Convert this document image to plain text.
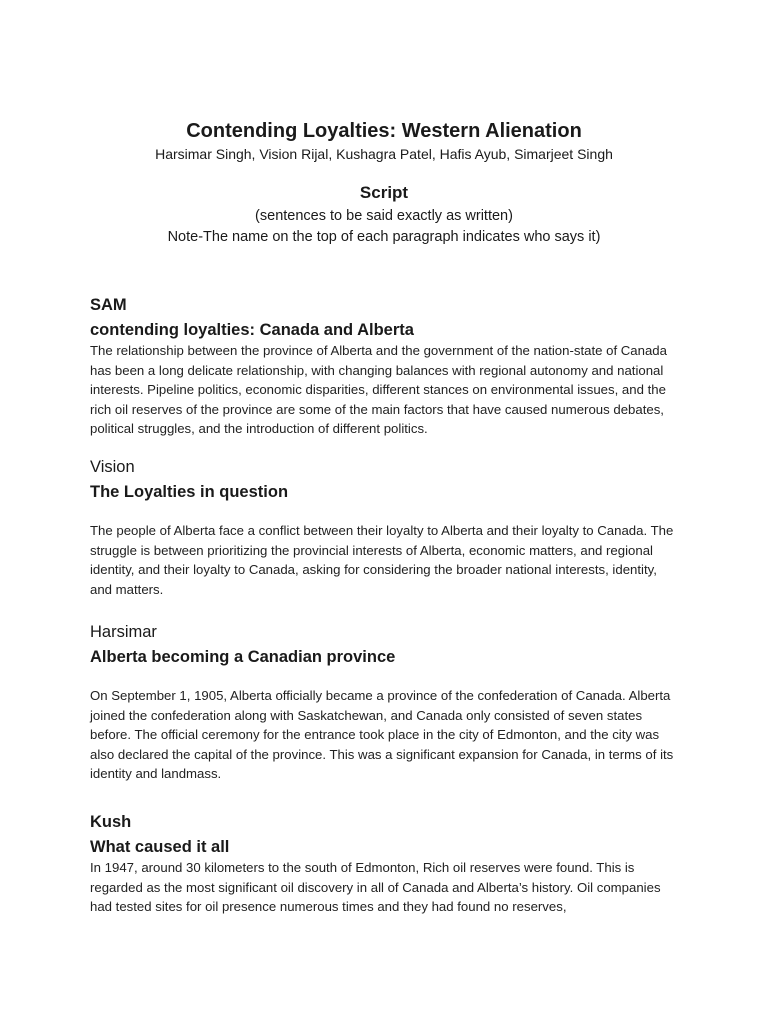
Contending Loyalties: Western Alienation
Harsimar Singh, Vision Rijal, Kushagra Patel, Hafis Ayub, Simarjeet Singh
Script
(sentences to be said exactly as written)
Note-The name on the top of each paragraph indicates who says it)

SAM

contending loyalties: Canada and Alberta

The relationship between the province of Alberta and the government of the nation-state of Canada has been a long delicate relationship, with changing balances with regional autonomy and national interests. Pipeline politics, economic disparities, different stances on environmental issues, and the rich oil reserves of the province are some of the main factors that have caused numerous debates, political struggles, and the introduction of different politics.

Vision

The Loyalties in question

The people of Alberta face a conflict between their loyalty to Alberta and their loyalty to Canada. The struggle is between prioritizing the provincial interests of Alberta, economic matters, and regional identity, and their loyalty to Canada, asking for considering the broader national interests, identity, and matters.

Harsimar

Alberta becoming a Canadian province

On September 1, 1905, Alberta officially became a province of the confederation of Canada. Alberta joined the confederation along with Saskatchewan, and Canada only consisted of seven states before. The official ceremony for the entrance took place in the city of Edmonton, and the city was also declared the capital of the province. This was a significant expansion for Canada, in terms of its identity and landmass.

Kush

What caused it all

In 1947, around 30 kilometers to the south of Edmonton, Rich oil reserves were found. This is regarded as the most significant oil discovery in all of Canada and Alberta’s history. Oil companies had tested sites for oil presence numerous times and they had found no reserves,
